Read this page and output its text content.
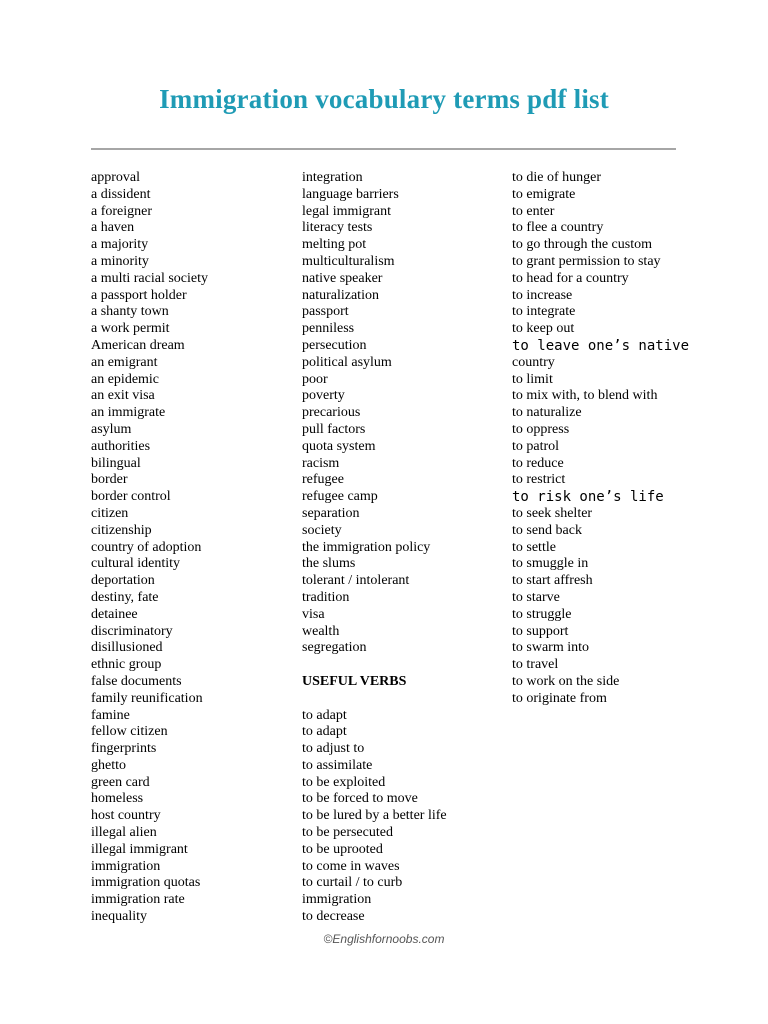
Immigration vocabulary terms pdf list
approval
a dissident
a foreigner
a haven
a majority
a minority
a multi racial society
a passport holder
a shanty town
a work permit
American dream
an emigrant
an epidemic
an exit visa
an immigrate
asylum
authorities
bilingual
border
border control
citizen
citizenship
country of adoption
cultural identity
deportation
destiny, fate
detainee
discriminatory
disillusioned
ethnic group
false documents
family reunification
famine
fellow citizen
fingerprints
ghetto
green card
homeless
host country
illegal alien
illegal immigrant
immigration
immigration quotas
immigration rate
inequality
integration
language barriers
legal immigrant
literacy tests
melting pot
multiculturalism
native speaker
naturalization
passport
penniless
persecution
political asylum
poor
poverty
precarious
pull factors
quota system
racism
refugee
refugee camp
separation
society
the immigration policy
the slums
tolerant / intolerant
tradition
visa
wealth
segregation
USEFUL VERBS
to adapt
to adapt
to adjust to
to assimilate
to be exploited
to be forced to move
to be lured by a better life
to be persecuted
to be uprooted
to come in waves
to curtail / to curb
immigration
to decrease
to die of hunger
to emigrate
to enter
to flee a country
to go through the custom
to grant permission to stay
to head for a country
to increase
to integrate
to keep out
to leave one’s native
country
to limit
to mix with, to blend with
to naturalize
to oppress
to patrol
to reduce
to restrict
to risk one’s life
to seek shelter
to send back
to settle
to smuggle in
to start affresh
to starve
to struggle
to support
to swarm into
to travel
to work on the side
to originate from
©Englishfornoobs.com
